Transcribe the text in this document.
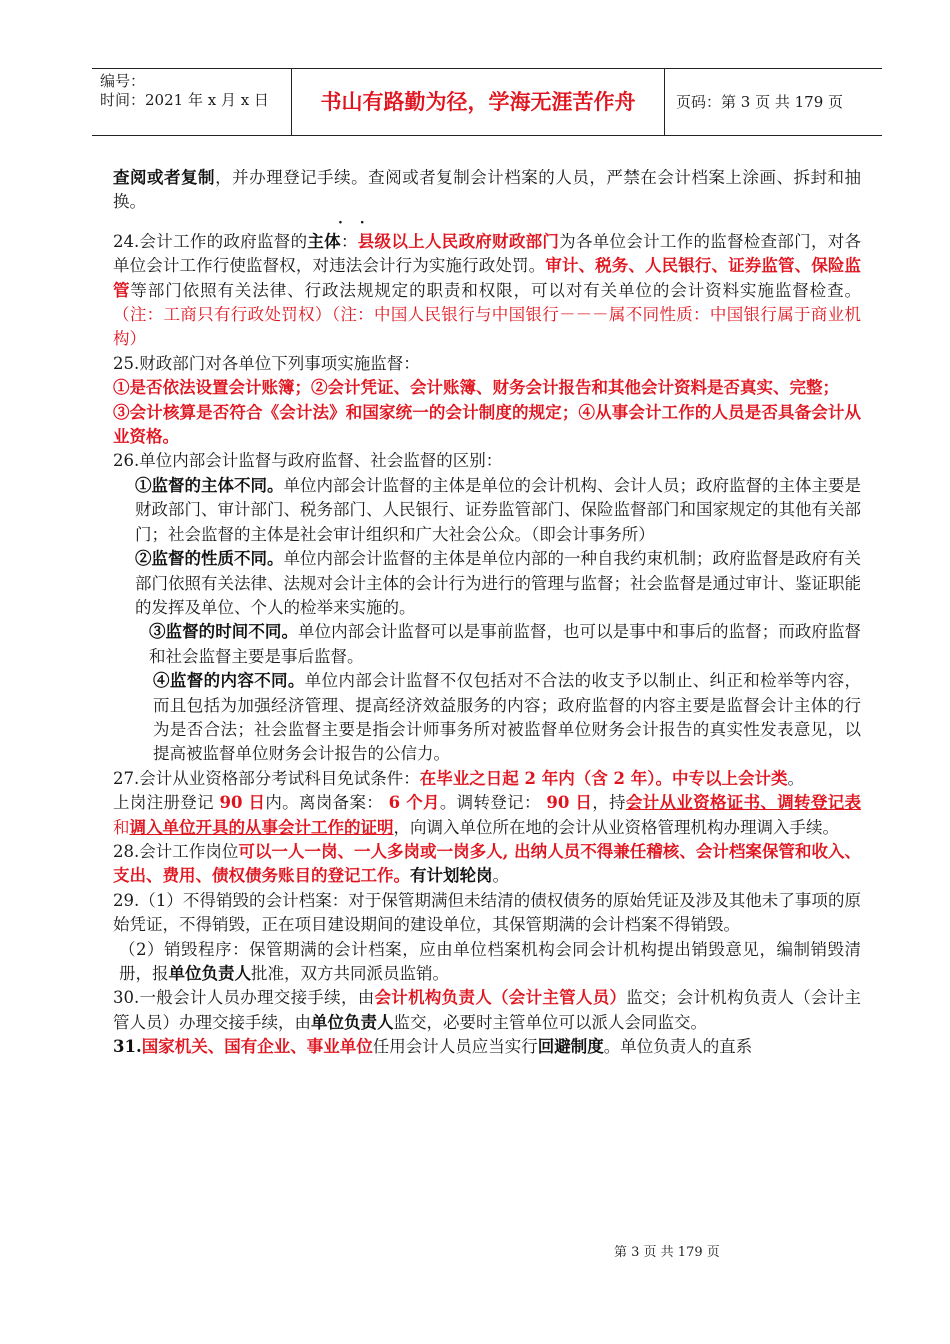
编号：
时间：2021 年 x 月 x 日	书山有路勤为径，学海无涯苦作舟	页码：第 3 页 共 179 页
· ·

查阅或者复制，并办理登记手续。查阅或者复制会计档案的人员，严禁在会计档案上涂画、拆封和抽换。

24.会计工作的政府监督的主体：县级以上人民政府财政部门为各单位会计工作的监督检查部门，对各单位会计工作行使监督权，对违法会计行为实施行政处罚。审计、税务、人民银行、证券监管、保险监管等部门依照有关法律、行政法规规定的职责和权限，可以对有关单位的会计资料实施监督检查。（注：工商只有行政处罚权）（注：中国人民银行与中国银行－－－属不同性质：中国银行属于商业机构）

25.财政部门对各单位下列事项实施监督：

①是否依法设置会计账簿；②会计凭证、会计账簿、财务会计报告和其他会计资料是否真实、完整；

③会计核算是否符合《会计法》和国家统一的会计制度的规定；④从事会计工作的人员是否具备会计从业资格。

26.单位内部会计监督与政府监督、社会监督的区别：

①监督的主体不同。单位内部会计监督的主体是单位的会计机构、会计人员；政府监督的主体主要是财政部门、审计部门、税务部门、人民银行、证券监管部门、保险监督部门和国家规定的其他有关部门；社会监督的主体是社会审计组织和广大社会公众。（即会计事务所）

②监督的性质不同。单位内部会计监督的主体是单位内部的一种自我约束机制；政府监督是政府有关部门依照有关法律、法规对会计主体的会计行为进行的管理与监督；社会监督是通过审计、鉴证职能的发挥及单位、个人的检举来实施的。

③监督的时间不同。单位内部会计监督可以是事前监督，也可以是事中和事后的监督；而政府监督和社会监督主要是事后监督。

④监督的内容不同。单位内部会计监督不仅包括对不合法的收支予以制止、纠正和检举等内容，而且包括为加强经济管理、提高经济效益服务的内容；政府监督的内容主要是监督会计主体的行为是否合法；社会监督主要是指会计师事务所对被监督单位财务会计报告的真实性发表意见，以提高被监督单位财务会计报告的公信力。

27.会计从业资格部分考试科目免试条件：在毕业之日起 2 年内（含 2 年）。中专以上会计类。

上岗注册登记 90 日内。离岗备案： 6 个月。调转登记： 90 日，持会计从业资格证书、调转登记表和调入单位开具的从事会计工作的证明，向调入单位所在地的会计从业资格管理机构办理调入手续。

28.会计工作岗位可以一人一岗、一人多岗或一岗多人, 出纳人员不得兼任稽核、会计档案保管和收入、支出、费用、债权债务账目的登记工作。有计划轮岗。

29.（1）不得销毁的会计档案：对于保管期满但未结清的债权债务的原始凭证及涉及其他未了事项的原始凭证，不得销毁，正在项目建设期间的建设单位，其保管期满的会计档案不得销毁。

（2）销毁程序：保管期满的会计档案，应由单位档案机构会同会计机构提出销毁意见，编制销毁清册，报单位负责人批准，双方共同派员监销。

30.一般会计人员办理交接手续，由会计机构负责人（会计主管人员）监交；会计机构负责人（会计主管人员）办理交接手续，由单位负责人监交，必要时主管单位可以派人会同监交。

31.国家机关、国有企业、事业单位任用会计人员应当实行回避制度。单位负责人的直系

第 3 页 共 179 页
